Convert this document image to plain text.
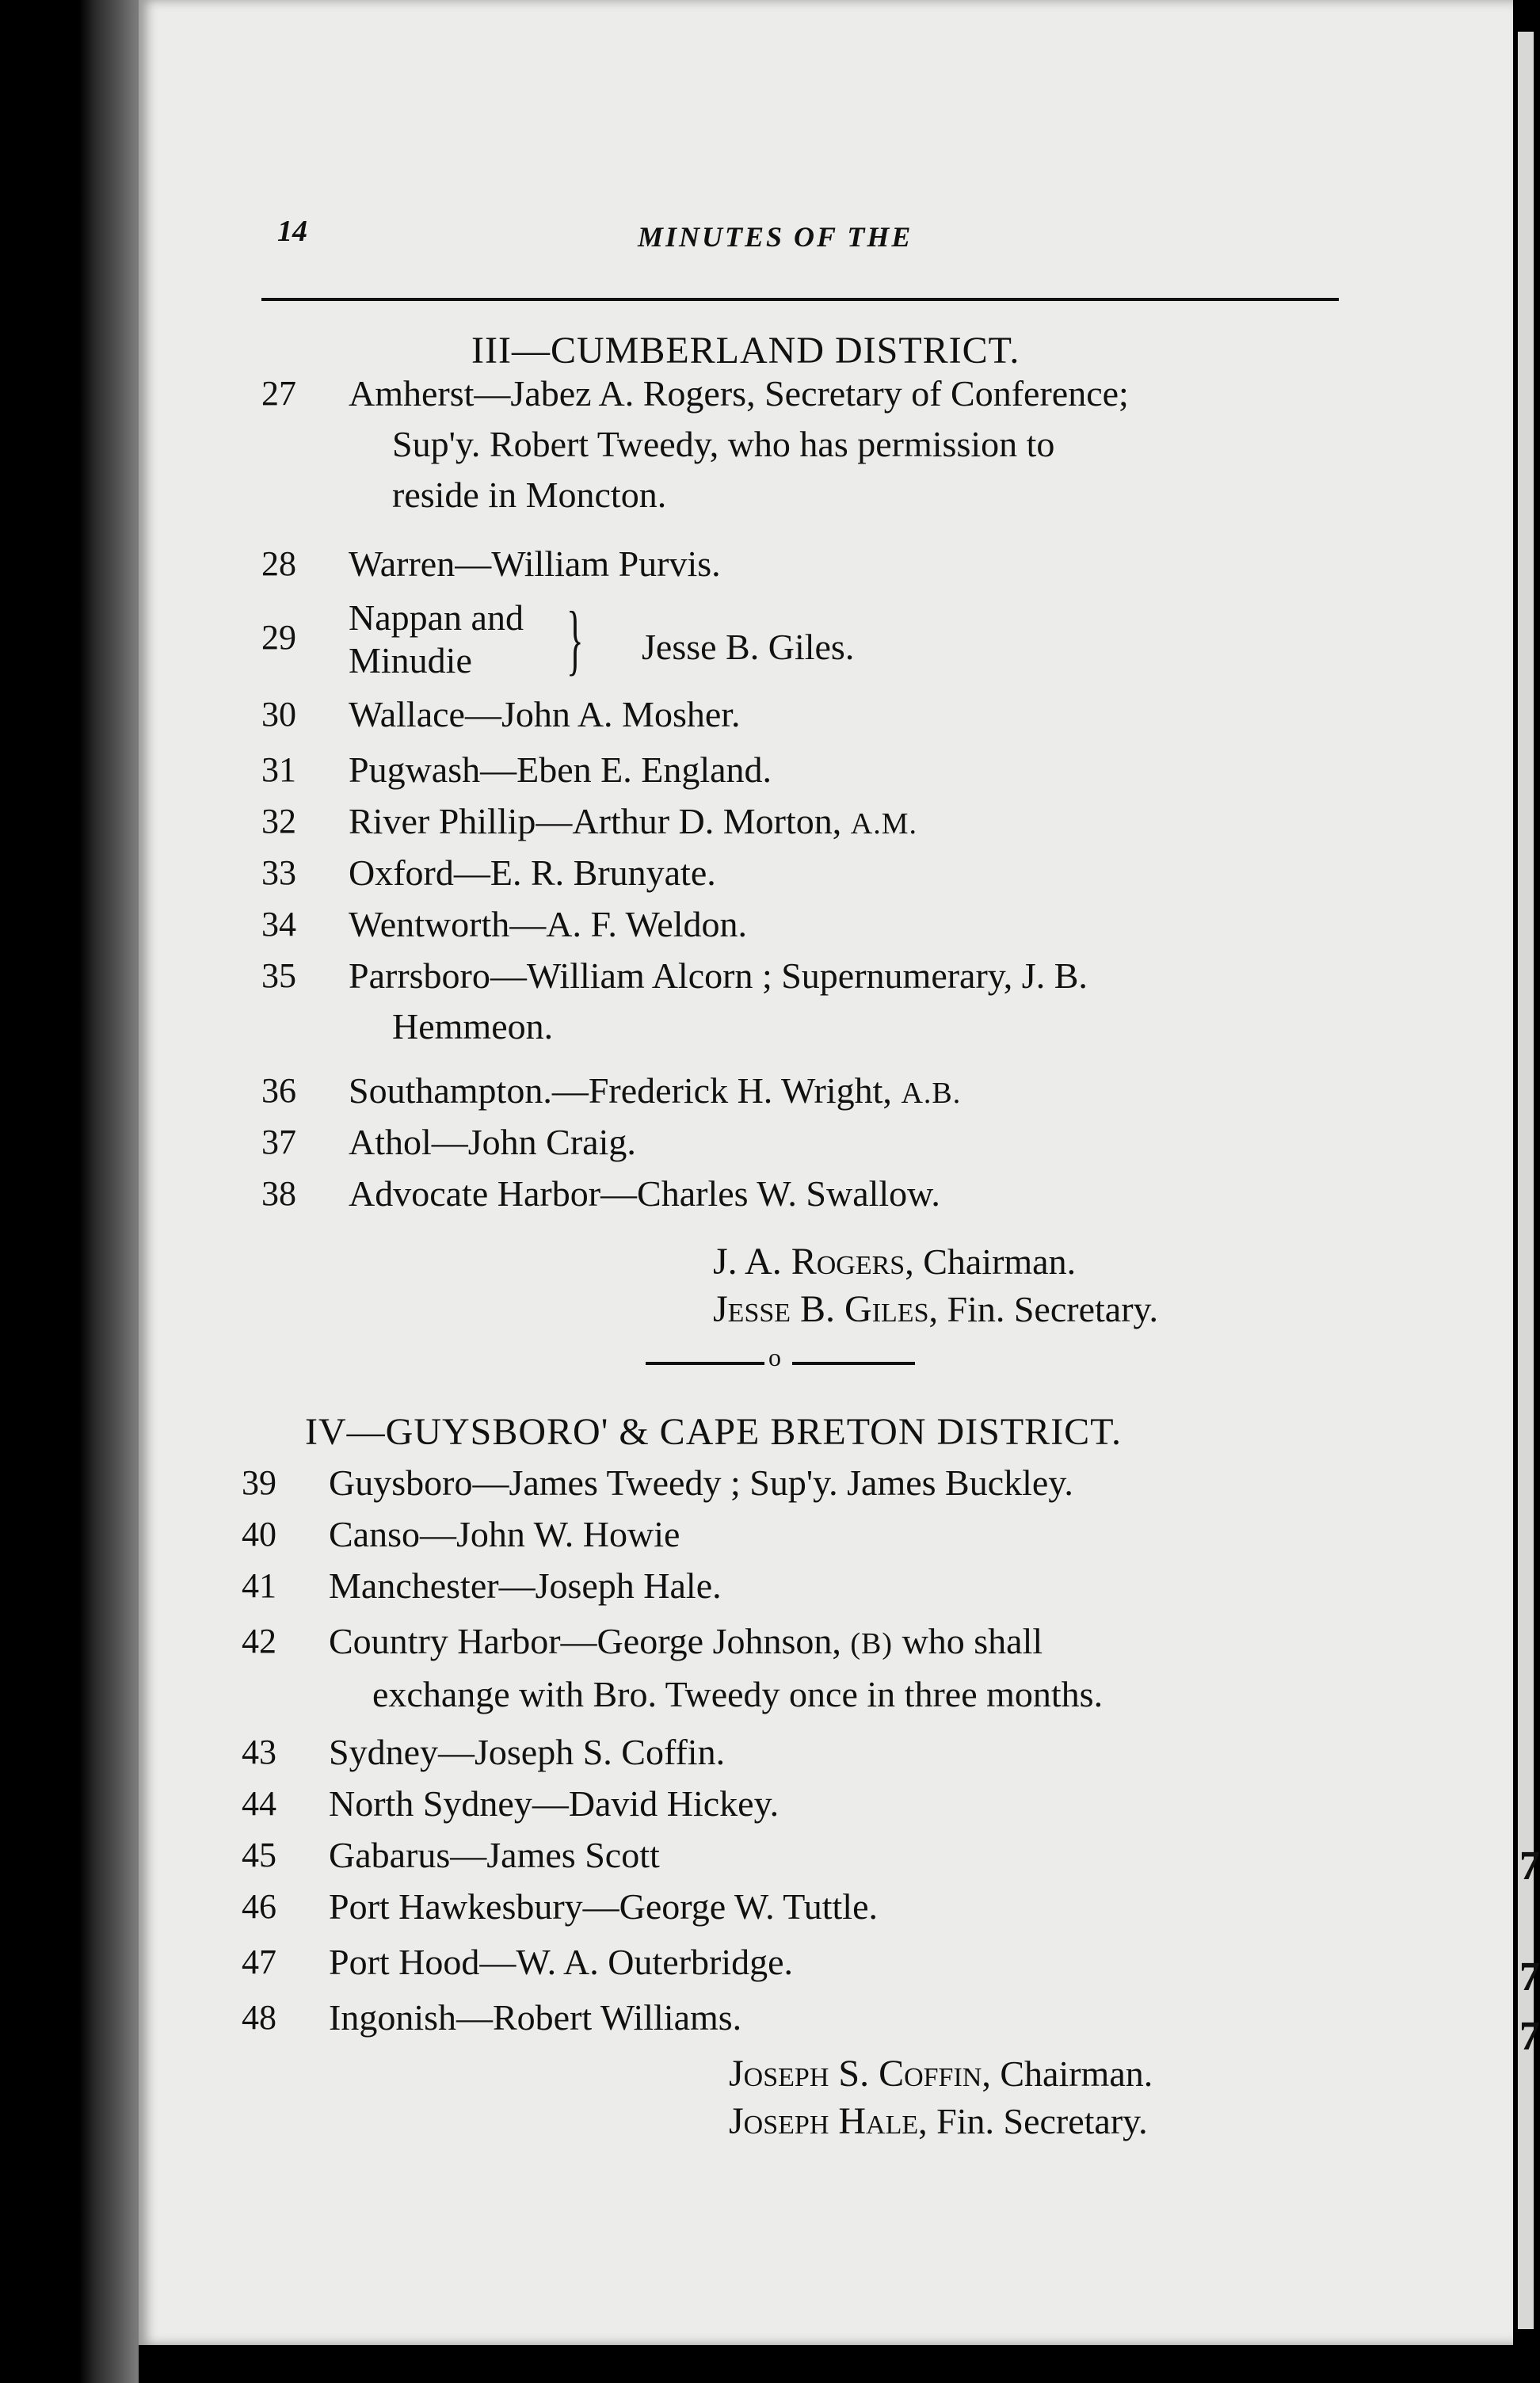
7
7
7
14	MINUTES OF THE
III—CUMBERLAND DISTRICT.
27	Amherst—Jabez A. Rogers, Secretary of Conference;
Sup'y. Robert Tweedy, who has permission to
reside in Moncton.
28	Warren—William Purvis.
29	Nappan and
Minudie	} Jesse B. Giles.
30	Wallace—John A. Mosher.
31	Pugwash—Eben E. England.
32	River Phillip—Arthur D. Morton, A.M.
33	Oxford—E. R. Brunyate.
34	Wentworth—A. F. Weldon.
35	Parrsboro—William Alcorn ; Supernumerary, J. B.
Hemmeon.
36	Southampton.—Frederick H. Wright, A.B.
37	Athol—John Craig.
38	Advocate Harbor—Charles W. Swallow.
J. A. Rogers, Chairman.
Jesse B. Giles, Fin. Secretary.
o
IV—GUYSBORO' & CAPE BRETON DISTRICT.
39	Guysboro—James Tweedy ; Sup'y. James Buckley.
40	Canso—John W. Howie
41	Manchester—Joseph Hale.
42	Country Harbor—George Johnson, (B) who shall
exchange with Bro. Tweedy once in three months.
43	Sydney—Joseph S. Coffin.
44	North Sydney—David Hickey.
45	Gabarus—James Scott
46	Port Hawkesbury—George W. Tuttle.
47	Port Hood—W. A. Outerbridge.
48	Ingonish—Robert Williams.
Joseph S. Coffin, Chairman.
Joseph Hale, Fin. Secretary.
